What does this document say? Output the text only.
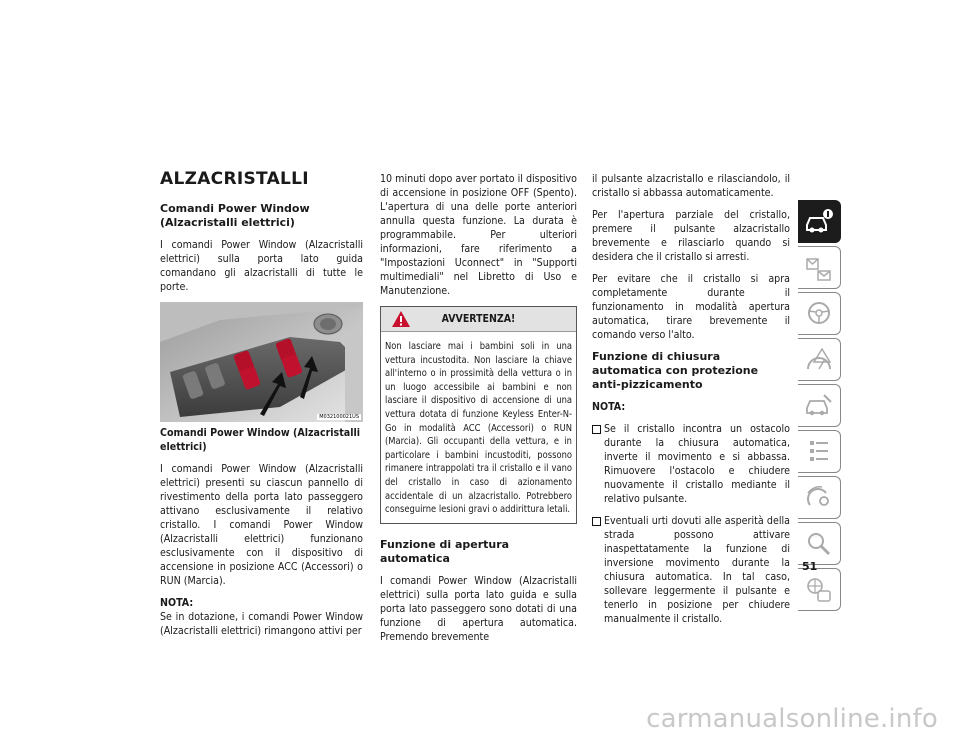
ALZACRISTALLI
Comandi Power Window (Alzacristalli elettrici)

I comandi Power Window (Alzacristalli elettrici) sulla porta lato guida comandano gli alzacristalli di tutte le porte.

M032100021US
Comandi Power Window (Alzacristalli elettrici)

I comandi Power Window (Alzacristalli elettrici) presenti su ciascun pannello di rivestimento della porta lato passeggero attivano esclusivamente il relativo cristallo. I comandi Power Window (Alzacristalli elettrici) funzionano esclusivamente con il dispositivo di accensione in posizione ACC (Accessori) o RUN (Marcia).

NOTA:

Se in dotazione, i comandi Power Window (Alzacristalli elettrici) rimangono attivi per

10 minuti dopo aver portato il dispositivo di accensione in posizione OFF (Spento). L'apertura di una delle porte anteriori annulla questa funzione. La durata è programmabile. Per ulteriori informazioni, fare riferimento a "Impostazioni Uconnect" in "Supporti multimediali" nel Libretto di Uso e Manutenzione.

AVVERTENZA!
Non lasciare mai i bambini soli in una vettura incustodita. Non lasciare la chiave all'interno o in prossimità della vettura o in un luogo accessibile ai bambini e non lasciare il dispositivo di accensione di una vettura dotata di funzione Keyless Enter-N-Go in modalità ACC (Accessori) o RUN (Marcia). Gli occupanti della vettura, e in particolare i bambini incustoditi, possono rimanere intrappolati tra il cristallo e il vano del cristallo in caso di azionamento accidentale di un alzacristallo. Potrebbero conseguirne lesioni gravi o addirittura letali.
Funzione di apertura automatica

I comandi Power Window (Alzacristalli elettrici) sulla porta lato guida e sulla porta lato passeggero sono dotati di una funzione di apertura automatica. Premendo brevemente

il pulsante alzacristallo e rilasciandolo, il cristallo si abbassa automaticamente.

Per l'apertura parziale del cristallo, premere il pulsante alzacristallo brevemente e rilasciarlo quando si desidera che il cristallo si arresti.

Per evitare che il cristallo si apra completamente durante il funzionamento in modalità apertura automatica, tirare brevemente il comando verso l'alto.

Funzione di chiusura automatica con protezione anti-pizzicamento
NOTA:
Se il cristallo incontra un ostacolo durante la chiusura automatica, inverte il movimento e si abbassa. Rimuovere l'ostacolo e chiudere nuovamente il cristallo mediante il relativo pulsante.
Eventuali urti dovuti alle asperità della strada possono attivare inaspettatamente la funzione di inversione movimento durante la chiusura automatica. In tal caso, sollevare leggermente il pulsante e tenerlo in posizione per chiudere manualmente il cristallo.
51
carmanualsonline.info
